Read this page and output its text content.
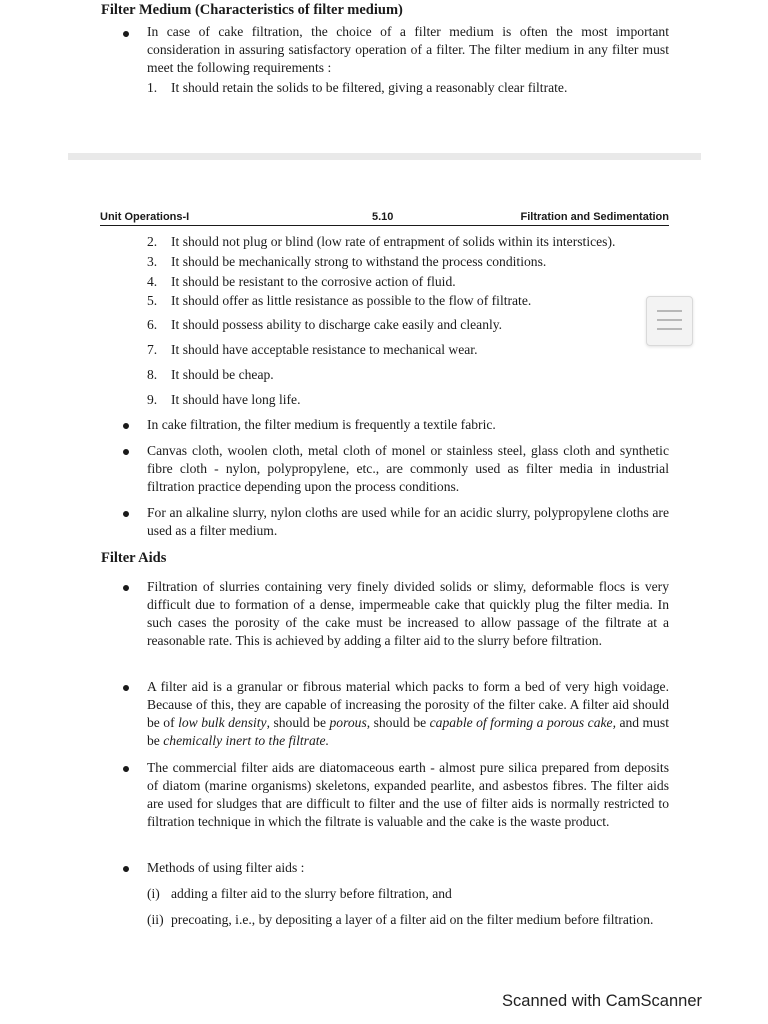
Filter Medium (Characteristics of filter medium)
In case of cake filtration, the choice of a filter medium is often the most important consideration in assuring satisfactory operation of a filter. The filter medium in any filter must meet the following requirements :
1.	It should retain the solids to be filtered, giving a reasonably clear filtrate.
Unit Operations-I	5.10	Filtration and Sedimentation
2.	It should not plug or blind (low rate of entrapment of solids within its interstices).
3.	It should be mechanically strong to withstand the process conditions.
4.	It should be resistant to the corrosive action of fluid.
5.	It should offer as little resistance as possible to the flow of filtrate.
6.	It should possess ability to discharge cake easily and cleanly.
7.	It should have acceptable resistance to mechanical wear.
8.	It should be cheap.
9.	It should have long life.
In cake filtration, the filter medium is frequently a textile fabric.
Canvas cloth, woolen cloth, metal cloth of monel or stainless steel, glass cloth and synthetic fibre cloth - nylon, polypropylene, etc., are commonly used as filter media in industrial filtration practice depending upon the process conditions.
For an alkaline slurry, nylon cloths are used while for an acidic slurry, polypropylene cloths are used as a filter medium.
Filter Aids
Filtration of slurries containing very finely divided solids or slimy, deformable flocs is very difficult due to formation of a dense, impermeable cake that quickly plug the filter media. In such cases the porosity of the cake must be increased to allow passage of the filtrate at a reasonable rate. This is achieved by adding a filter aid to the slurry before filtration.
A filter aid is a granular or fibrous material which packs to form a bed of very high voidage. Because of this, they are capable of increasing the porosity of the filter cake. A filter aid should be of low bulk density, should be porous, should be capable of forming a porous cake, and must be chemically inert to the filtrate.
The commercial filter aids are diatomaceous earth - almost pure silica prepared from deposits of diatom (marine organisms) skeletons, expanded pearlite, and asbestos fibres. The filter aids are used for sludges that are difficult to filter and the use of filter aids is normally restricted to filtration technique in which the filtrate is valuable and the cake is the waste product.
Methods of using filter aids :
(i) adding a filter aid to the slurry before filtration, and
(ii) precoating, i.e., by depositing a layer of a filter aid on the filter medium before filtration.
Scanned with CamScanner
